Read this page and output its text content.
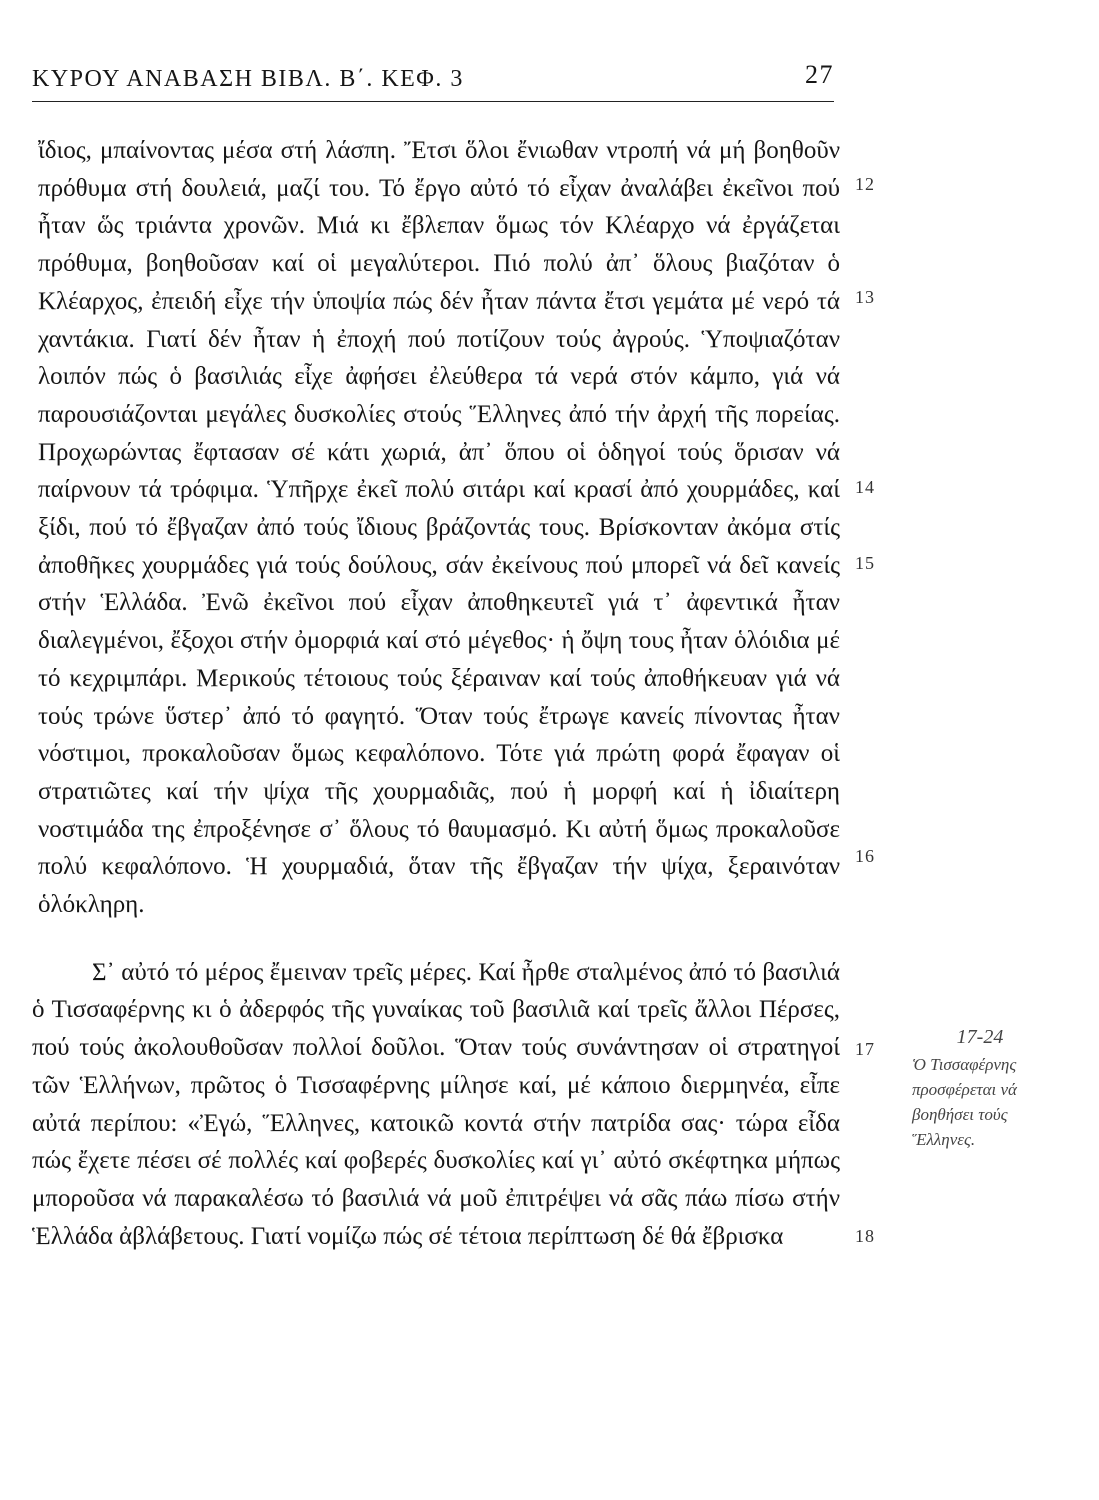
ΚΥΡΟΥ ΑΝΑΒΑΣΗ ΒΙΒΛ. Β΄. ΚΕΦ. 3	27

ἴδιος, μπαίνοντας μέσα στή λάσπη. Ἔτσι ὅλοι ἔνιωθαν ντροπή νά μή βοηθοῦν πρόθυμα στή δουλειά, μαζί του. Τό ἔργο αὐτό τό εἶχαν ἀναλάβει ἐκεῖνοι πού ἦταν ὥς τριάντα χρονῶν. Μιά κι ἔβλεπαν ὅμως τόν Κλέαρχο νά ἐργάζεται πρόθυμα, βοηθοῦσαν καί οἱ μεγαλύτεροι. Πιό πολύ ἀπ᾽ ὅλους βιαζόταν ὁ Κλέαρχος, ἐπειδή εἶχε τήν ὑποψία πώς δέν ἦταν πάντα ἔτσι γεμάτα μέ νερό τά χαντάκια. Γιατί δέν ἦταν ἡ ἐποχή πού ποτίζουν τούς ἀγρούς. Ὑποψιαζόταν λοιπόν πώς ὁ βασιλιάς εἶχε ἀφήσει ἐλεύθερα τά νερά στόν κάμπο, γιά νά παρουσιάζονται μεγάλες δυσκολίες στούς Ἕλληνες ἀπό τήν ἀρχή τῆς πορείας. Προχωρώντας ἔφτασαν σέ κάτι χωριά, ἀπ᾽ ὅπου οἱ ὁδηγοί τούς ὅρισαν νά παίρνουν τά τρόφιμα. Ὑπῆρχε ἐκεῖ πολύ σιτάρι καί κρασί ἀπό χουρμάδες, καί ξίδι, πού τό ἔβγαζαν ἀπό τούς ἴδιους βράζοντάς τους. Βρίσκονταν ἀκόμα στίς ἀποθῆκες χουρμάδες γιά τούς δούλους, σάν ἐκείνους πού μπορεῖ νά δεῖ κανείς στήν Ἑλλάδα. Ἐνῶ ἐκεῖνοι πού εἶχαν ἀποθηκευτεῖ γιά τ᾽ ἀφεντικά ἦταν διαλεγμένοι, ἔξοχοι στήν ὀμορφιά καί στό μέγεθος· ἡ ὄψη τους ἦταν ὁλόιδια μέ τό κεχριμπάρι. Μερικούς τέτοιους τούς ξέραιναν καί τούς ἀποθήκευαν γιά νά τούς τρώνε ὕστερ᾽ ἀπό τό φαγητό. Ὅταν τούς ἔτρωγε κανείς πίνοντας ἦταν νόστιμοι, προκαλοῦσαν ὅμως κεφαλόπονο. Τότε γιά πρώτη φορά ἔφαγαν οἱ στρατιῶτες καί τήν ψίχα τῆς χουρμαδιᾶς, πού ἡ μορφή καί ἡ ἰδιαίτερη νοστιμάδα της ἐπροξένησε σ᾽ ὅλους τό θαυμασμό. Κι αὐτή ὅμως προκαλοῦσε πολύ κεφαλόπονο. Ἡ χουρμαδιά, ὅταν τῆς ἔβγαζαν τήν ψίχα, ξεραινόταν ὁλόκληρη.

Σ᾽ αὐτό τό μέρος ἔμειναν τρεῖς μέρες. Καί ἦρθε σταλμένος ἀπό τό βασιλιά ὁ Τισσαφέρνης κι ὁ ἀδερφός τῆς γυναίκας τοῦ βασιλιᾶ καί τρεῖς ἄλλοι Πέρσες, πού τούς ἀκολουθοῦσαν πολλοί δοῦλοι. Ὅταν τούς συνάντησαν οἱ στρατηγοί τῶν Ἑλλήνων, πρῶτος ὁ Τισσαφέρνης μίλησε καί, μέ κάποιο διερμηνέα, εἶπε αὐτά περίπου: «Ἐγώ, Ἕλληνες, κατοικῶ κοντά στήν πατρίδα σας· τώρα εἶδα πώς ἔχετε πέσει σέ πολλές καί φοβερές δυσκολίες καί γι᾽ αὐτό σκέφτηκα μήπως μποροῦσα νά παρακαλέσω τό βασιλιά νά μοῦ ἐπιτρέψει νά σᾶς πάω πίσω στήν Ἑλλάδα ἀβλάβετους. Γιατί νομίζω πώς σέ τέτοια περίπτωση δέ θά ἔβρισκα

12
13
14
15
16
17
18
17-24
Ὁ Τισσαφέρνης προσφέρεται νά βοηθήσει τούς Ἕλληνες.
